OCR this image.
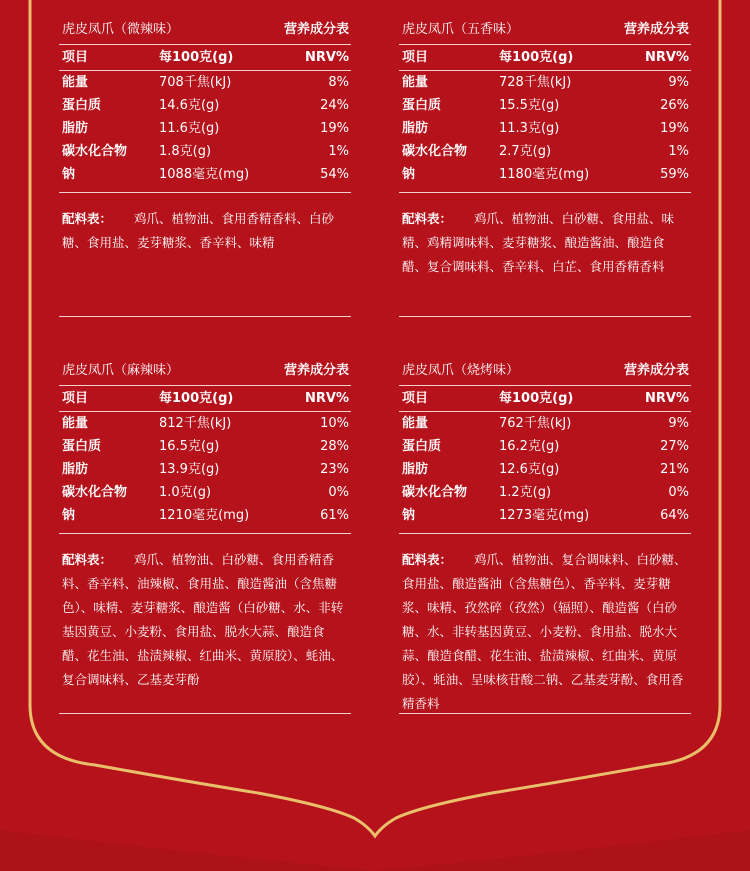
虎皮凤爪（微辣味）	营养成分表
项目	每100克(g)	NRV%
能量	708千焦(kJ)	8%
蛋白质	14.6克(g)	24%
脂肪	11.6克(g)	19%
碳水化合物 1.8克(g)	1%
钠	1088毫克(mg)	54%
配料表： 鸡爪、植物油、食用香精香料、白砂糖、食用盐、麦芽糖浆、香辛料、味精
虎皮凤爪（五香味）	营养成分表
项目	每100克(g)	NRV%
能量	728千焦(kJ)	9%
蛋白质	15.5克(g)	26%
脂肪	11.3克(g)	19%
碳水化合物 2.7克(g)	1%
钠	1180毫克(mg)	59%
配料表： 鸡爪、植物油、白砂糖、食用盐、味精、鸡精调味料、麦芽糖浆、酿造酱油、酿造食醋、复合调味料、香辛料、白芷、食用香精香料
虎皮凤爪（麻辣味）	营养成分表
项目	每100克(g)	NRV%
能量	812千焦(kJ)	10%
蛋白质	16.5克(g)	28%
脂肪	13.9克(g)	23%
碳水化合物 1.0克(g)	0%
钠	1210毫克(mg)	61%
配料表： 鸡爪、植物油、白砂糖、食用香精香料、香辛料、油辣椒、食用盐、酿造酱油（含焦糖色）、味精、麦芽糖浆、酿造酱（白砂糖、水、非转基因黄豆、小麦粉、食用盐、脱水大蒜、酿造食醋、花生油、盐渍辣椒、红曲米、黄原胶）、蚝油、复合调味料、乙基麦芽酚
虎皮凤爪（烧烤味）	营养成分表
项目	每100克(g)	NRV%
能量	762千焦(kJ)	9%
蛋白质	16.2克(g)	27%
脂肪	12.6克(g)	21%
碳水化合物 1.2克(g)	0%
钠	1273毫克(mg)	64%
配料表： 鸡爪、植物油、复合调味料、白砂糖、食用盐、酿造酱油（含焦糖色）、香辛料、麦芽糖浆、味精、孜然碎（孜然）（辐照）、酿造酱（白砂糖、水、非转基因黄豆、小麦粉、食用盐、脱水大蒜、酿造食醋、花生油、盐渍辣椒、红曲米、黄原胶）、蚝油、呈味核苷酸二钠、乙基麦芽酚、食用香精香料
